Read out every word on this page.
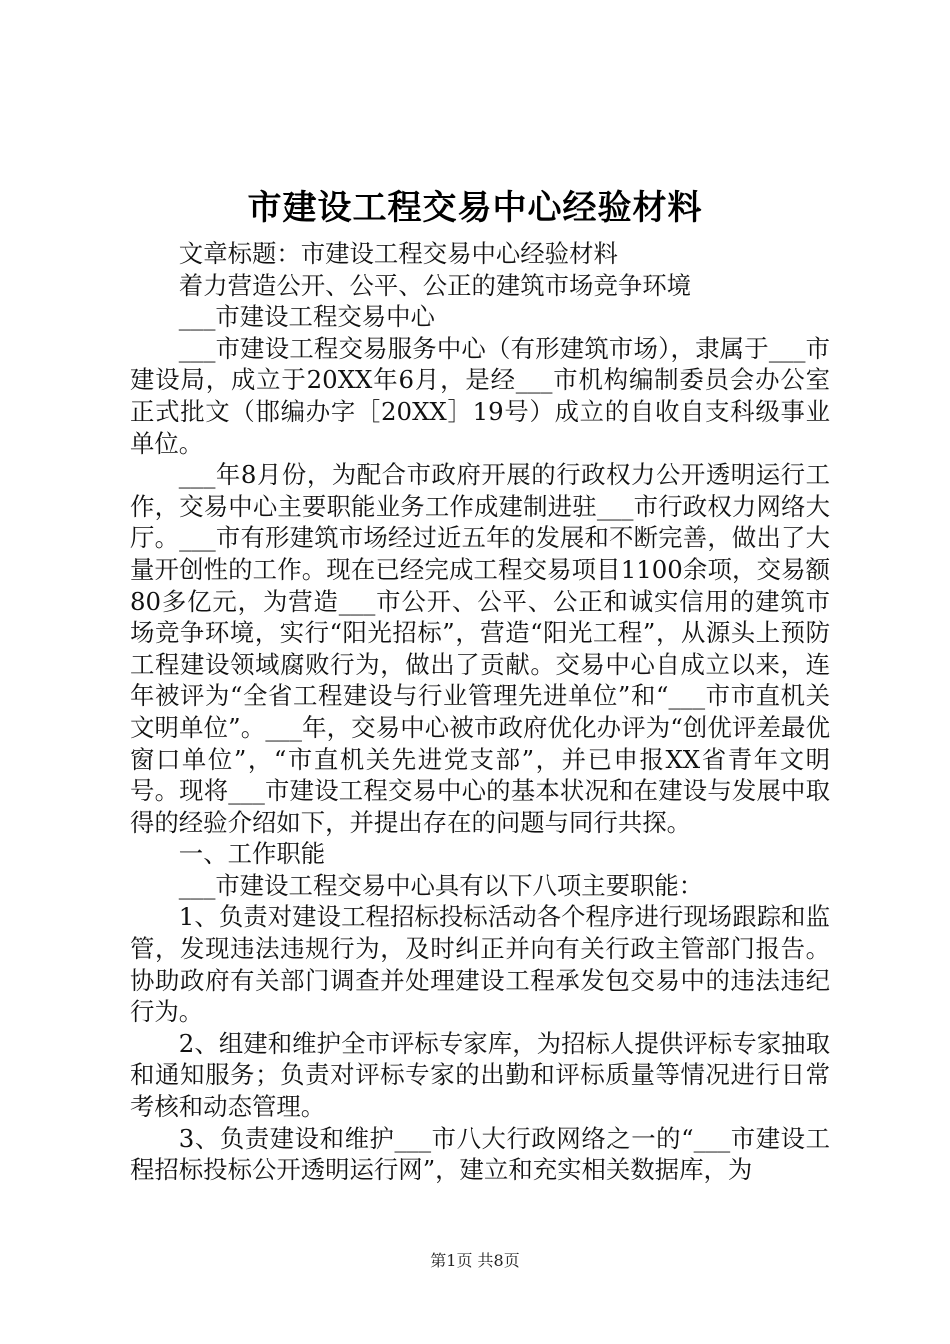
市建设工程交易中心经验材料

文章标题：市建设工程交易中心经验材料

着力营造公开、公平、公正的建筑市场竞争环境

___市建设工程交易中心

___市建设工程交易服务中心（有形建筑市场），隶属于___市建设局，成立于20XX年6月，是经___市机构编制委员会办公室正式批文（邯编办字［20XX］19号）成立的自收自支科级事业单位。

___年8月份，为配合市政府开展的行政权力公开透明运行工作，交易中心主要职能业务工作成建制进驻___市行政权力网络大厅。___市有形建筑市场经过近五年的发展和不断完善，做出了大量开创性的工作。现在已经完成工程交易项目1100余项，交易额80多亿元，为营造___市公开、公平、公正和诚实信用的建筑市场竞争环境，实行“阳光招标”，营造“阳光工程”，从源头上预防工程建设领域腐败行为，做出了贡献。交易中心自成立以来，连年被评为“全省工程建设与行业管理先进单位”和“___市市直机关文明单位”。___年，交易中心被市政府优化办评为“创优评差最优窗口单位”，“市直机关先进党支部”，并已申报XX省青年文明号。现将___市建设工程交易中心的基本状况和在建设与发展中取得的经验介绍如下，并提出存在的问题与同行共探。

一、工作职能

___市建设工程交易中心具有以下八项主要职能：

1、负责对建设工程招标投标活动各个程序进行现场跟踪和监管，发现违法违规行为，及时纠正并向有关行政主管部门报告。协助政府有关部门调查并处理建设工程承发包交易中的违法违纪行为。

2、组建和维护全市评标专家库，为招标人提供评标专家抽取和通知服务；负责对评标专家的出勤和评标质量等情况进行日常考核和动态管理。

3、负责建设和维护___市八大行政网络之一的“___市建设工程招标投标公开透明运行网”，建立和充实相关数据库，为

第1页 共8页
